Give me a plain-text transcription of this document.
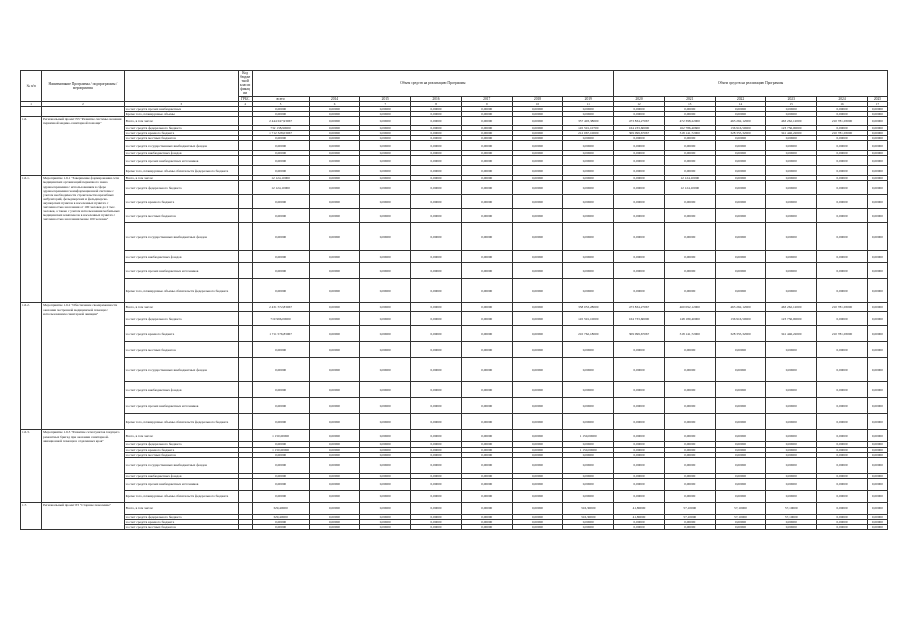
№ п/п	Наименование Программы / подпрограммы / мероприятия		Код бюджетной классификации	Объем средств на реализацию Программы							Объем средств на реализацию Программы					
			ГРБС	всего	2014	2015	2016	2017	2018	2019	2020	2021	2022	2023	2024	2025
1	2	3	4	5	6	7	8	9	10	11	12	13	14	15	16	17
		за счет средств прочих внебюджетных		0,00000	0,00000	0,00000	0,00000	0,00000	0,00000	0,00000	0,00000	0,00000	0,00000	0,00000	0,00000	0,00000
		Кроме того, планируемые объемы		0,00000	0,00000	0,00000	0,00000	0,00000	0,00000	0,00000	0,00000	0,00000	0,00000	0,00000	0,00000	0,00000
1.6.	Региональный проект N3 "Развитие системы оказания первичной медико-санитарной помощи"	Всего, в том числе:		2 444 047,93067	0,00000	0,00000	0,00000	0,00000	0,00000	357 403,38000	473 834,27067	472 398,22000	463 262,12000	463 262,12000	210 781,03000	0,00000
		за счет средств федерального бюджета		732 138,90000	0,00000	0,00000	0,00000	0,00000	0,00000	145 591,10700	164 233,60000	162 786,40600	136 916,50000	123 736,00000	0,00000	0,00000
		за счет средств краевого бюджета		1 712 328,03067	0,00000	0,00000	0,00000	0,00000	0,00000	212 067,10000	309 099,67067	318 141,72000	328 355,32000	341 446,22000	210 781,03000	0,00000
		за счет средств местных бюджетов		0,00000	0,00000	0,00000	0,00000	0,00000	0,00000	0,00000	0,00000	0,00000	0,00000	0,00000	0,00000	0,00000
		за счет средств государственных внебюджетных фондов		0,00000	0,00000	0,00000	0,00000	0,00000	0,00000	0,00000	0,00000	0,00000	0,00000	0,00000	0,00000	0,00000
		за счет средств внебюджетных фондов		0,00000	0,00000	0,00000	0,00000	0,00000	0,00000	0,00000	0,00000	0,00000	0,00000	0,00000	0,00000	0,00000
		за счет средств прочих внебюджетных источников		0,00000	0,00000	0,00000	0,00000	0,00000	0,00000	0,00000	0,00000	0,00000	0,00000	0,00000	0,00000	0,00000
		Кроме того, планируемые объемы обязательств федерального бюджета		0,00000	0,00000	0,00000	0,00000	0,00000	0,00000	0,00000	0,00000	0,00000	0,00000	0,00000	0,00000	0,00000
1.6.1.	Мероприятие 1.6.1 "Завершение формирования сети медицинских организаций первичного звена здравоохранения с использованием в сфере здравоохранения геоинформационной системы с учетом необходимости строительства врачебных амбулаторий, фельдшерских и фельдшерско-акушерских пунктов в населенных пунктах с численностью населения от 100 человек до 2 тыс. человек, а также с учетом использования мобильных медицинских комплексов в населенных пунктах с численностью населения менее 100 человек"	Всего, в том числе:		12 124,10000	0,00000	0,00000	0,00000	0,00000	0,00000	0,00000	0,00000	12 124,10000	0,00000	0,00000	0,00000	0,00000
		за счет средств федерального бюджета		12 124,10000	0,00000	0,00000	0,00000	0,00000	0,00000	0,00000	0,00000	12 124,10000	0,00000	0,00000	0,00000	0,00000
		за счет средств краевого бюджета		0,00000	0,00000	0,00000	0,00000	0,00000	0,00000	0,00000	0,00000	0,00000	0,00000	0,00000	0,00000	0,00000
		за счет средств местных бюджетов		0,00000	0,00000	0,00000	0,00000	0,00000	0,00000	0,00000	0,00000	0,00000	0,00000	0,00000	0,00000	0,00000
		за счет средств государственных внебюджетных фондов		0,00000	0,00000	0,00000	0,00000	0,00000	0,00000	0,00000	0,00000	0,00000	0,00000	0,00000	0,00000	0,00000
		за счет средств внебюджетных фондов		0,00000	0,00000	0,00000	0,00000	0,00000	0,00000	0,00000	0,00000	0,00000	0,00000	0,00000	0,00000	0,00000
		за счет средств прочих внебюджетных источников		0,00000	0,00000	0,00000	0,00000	0,00000	0,00000	0,00000	0,00000	0,00000	0,00000	0,00000	0,00000	0,00000
		Кроме того, планируемые объемы обязательств федерального бюджета		0,00000	0,00000	0,00000	0,00000	0,00000	0,00000	0,00000	0,00000	0,00000	0,00000	0,00000	0,00000	0,00000
1.6.2.	Мероприятие 1.6.2 "Обеспечение своевременности оказания экстренной медицинской помощи с использованием санитарной авиации"	Всего, в том числе:		2 431 572,83067	0,00000	0,00000	0,00000	0,00000	0,00000	358 053,28000	473 834,27067	460 092,12000	463 262,12000	463 262,12000	210 781,03000	0,00000
		за счет средств федерального бюджета		719 996,00000	0,00000	0,00000	0,00000	0,00000	0,00000	145 591,10000	164 733,60000	148 180,40000	136 916,50000	123 736,00000	0,00000	0,00000
		за счет средств краевого бюджета		1 711 576,83067	0,00000	0,00000	0,00000	0,00000	0,00000	210 762,18000	309 099,67067	318 141,72000	328 355,32000	341 446,22000	210 781,03000	0,00000
		за счет средств местных бюджетов		0,00000	0,00000	0,00000	0,00000	0,00000	0,00000	0,00000	0,00000	0,00000	0,00000	0,00000	0,00000	0,00000
		за счет средств государственных внебюджетных фондов		0,00000	0,00000	0,00000	0,00000	0,00000	0,00000	0,00000	0,00000	0,00000	0,00000	0,00000	0,00000	0,00000
		за счет средств внебюджетных фондов		0,00000	0,00000	0,00000	0,00000	0,00000	0,00000	0,00000	0,00000	0,00000	0,00000	0,00000	0,00000	0,00000
		за счет средств прочих внебюджетных источников		0,00000	0,00000	0,00000	0,00000	0,00000	0,00000	0,00000	0,00000	0,00000	0,00000	0,00000	0,00000	0,00000
		Кроме того, планируемые объемы обязательств федерального бюджета		0,00000	0,00000	0,00000	0,00000	0,00000	0,00000	0,00000	0,00000	0,00000	0,00000	0,00000	0,00000	0,00000
1.6.3.	Мероприятие 1.6.3 "Развитие сети пунктов текущего ремонтных бригад при оказании санитарной-авиационной помощи в отдаленных края"	Всего, в том числе:		1 150,00000	0,00000	0,00000	0,00000	0,00000	0,00000	1 150,00000	0,00000	0,00000	0,00000	0,00000	0,00000	0,00000
		за счет средств федерального бюджета		0,00000	0,00000	0,00000	0,00000	0,00000	0,00000	0,00000	0,00000	0,00000	0,00000	0,00000	0,00000	0,00000
		за счет средств краевого бюджета		1 150,00000	0,00000	0,00000	0,00000	0,00000	0,00000	1 150,00000	0,00000	0,00000	0,00000	0,00000	0,00000	0,00000
		за счет средств местных бюджетов		0,00000	0,00000	0,00000	0,00000	0,00000	0,00000	0,00000	0,00000	0,00000	0,00000	0,00000	0,00000	0,00000
		за счет средств государственных внебюджетных фондов		0,00000	0,00000	0,00000	0,00000	0,00000	0,00000	0,00000	0,00000	0,00000	0,00000	0,00000	0,00000	0,00000
		за счет средств внебюджетных фондов		0,00000	0,00000	0,00000	0,00000	0,00000	0,00000	0,00000	0,00000	0,00000	0,00000	0,00000	0,00000	0,00000
		за счет средств прочих внебюджетных источников		0,00000	0,00000	0,00000	0,00000	0,00000	0,00000	0,00000	0,00000	0,00000	0,00000	0,00000	0,00000	0,00000
		Кроме того, планируемые объемы обязательств федерального бюджета		0,00000	0,00000	0,00000	0,00000	0,00000	0,00000	0,00000	0,00000	0,00000	0,00000	0,00000	0,00000	0,00000
1.7.	Региональный проект Р3 "Старшее поколение"	Всего, в том числе:		329,40000	0,00000	0,00000	0,00000	0,00000	0,00000	316,30000	41,80000	57,10000	57,10000	57,10000	0,00000	0,00000
		за счет средств федерального бюджета		329,40000	0,00000	0,00000	0,00000	0,00000	0,00000	316,30000	41,80000	57,10000	57,10000	57,10000	0,00000	0,00000
		за счет средств краевого бюджета		0,00000	0,00000	0,00000	0,00000	0,00000	0,00000	0,00000	0,00000	0,00000	0,00000	0,00000	0,00000	0,00000
		за счет средств местных бюджетов		0,00000	0,00000	0,00000	0,00000	0,00000	0,00000	0,00000	0,00000	0,00000	0,00000	0,00000	0,00000	0,00000
